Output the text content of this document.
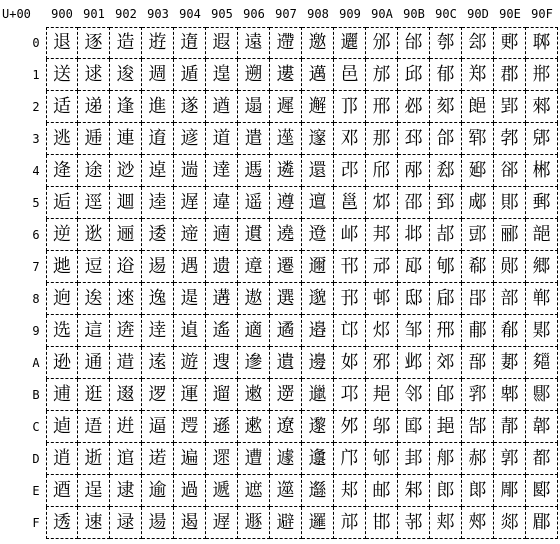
U+00	900 901 902 903 904 905 906 907 908 909 90A 90B 90C 90D 90E 90F
0 退 逐 造 逰 遀 遐 遠 遰 邀 邐 邠 邰 郀 郐 郠 郰
1 送 逑 逡 週 遁 遑 遡 遱 邁 邑 邡 邱 郁 郑 郡 郱
2 适 递 逢 進 遂 遒 遢 遲 邂 邒 邢 邲 郂 郒 郢 郲
3 逃 逓 連 逳 遃 道 遣 遳 邃 邓 那 邳 郃 郓 郣 郳
4 逄 途 逤 逴 遄 達 遤 遴 還 邔 邤 邴 郄 郔 郤 郴
5 逅 逕 逥 逵 遅 違 遥 遵 邅 邕 邥 邵 郅 郕 郥 郵
6 逆 逖 逦 逶 遆 遖 遦 遶 邆 邖 邦 邶 郆 郖 郦 郶
7 逇 逗 逧 逷 遇 遗 遧 遷 邇 邗 邧 邷 郇 郗 郧 郷
8 逈 逘 逨 逸 遈 遘 遨 選 邈 邘 邨 邸 郈 郘 部 郸
9 选 這 逩 逹 遉 遙 適 遹 邉 邙 邩 邹 郉 郙 郩 郹
A 逊 通 逪 逺 遊 遚 遪 遺 邊 邚 邪 邺 郊 郚 郪 郺
B 逋 逛 逫 逻 運 遛 遫 遻 邋 邛 邫 邻 郋 郛 郫 郻
C 逌 逜 逬 逼 遌 遜 遬 遼 邌 邜 邬 邼 郌 郜 郬 郼
D 逍 逝 逭 逽 遍 遝 遭 遽 邍 邝 邭 邽 郍 郝 郭 都
E 逎 逞 逮 逾 過 遞 遮 遾 邎 邞 邮 邾 郎 郞 郮 郾
F 透 速 逯 逿 遏 遟 遯 避 邏 邟 邯 邿 郏 郟 郯 郿
